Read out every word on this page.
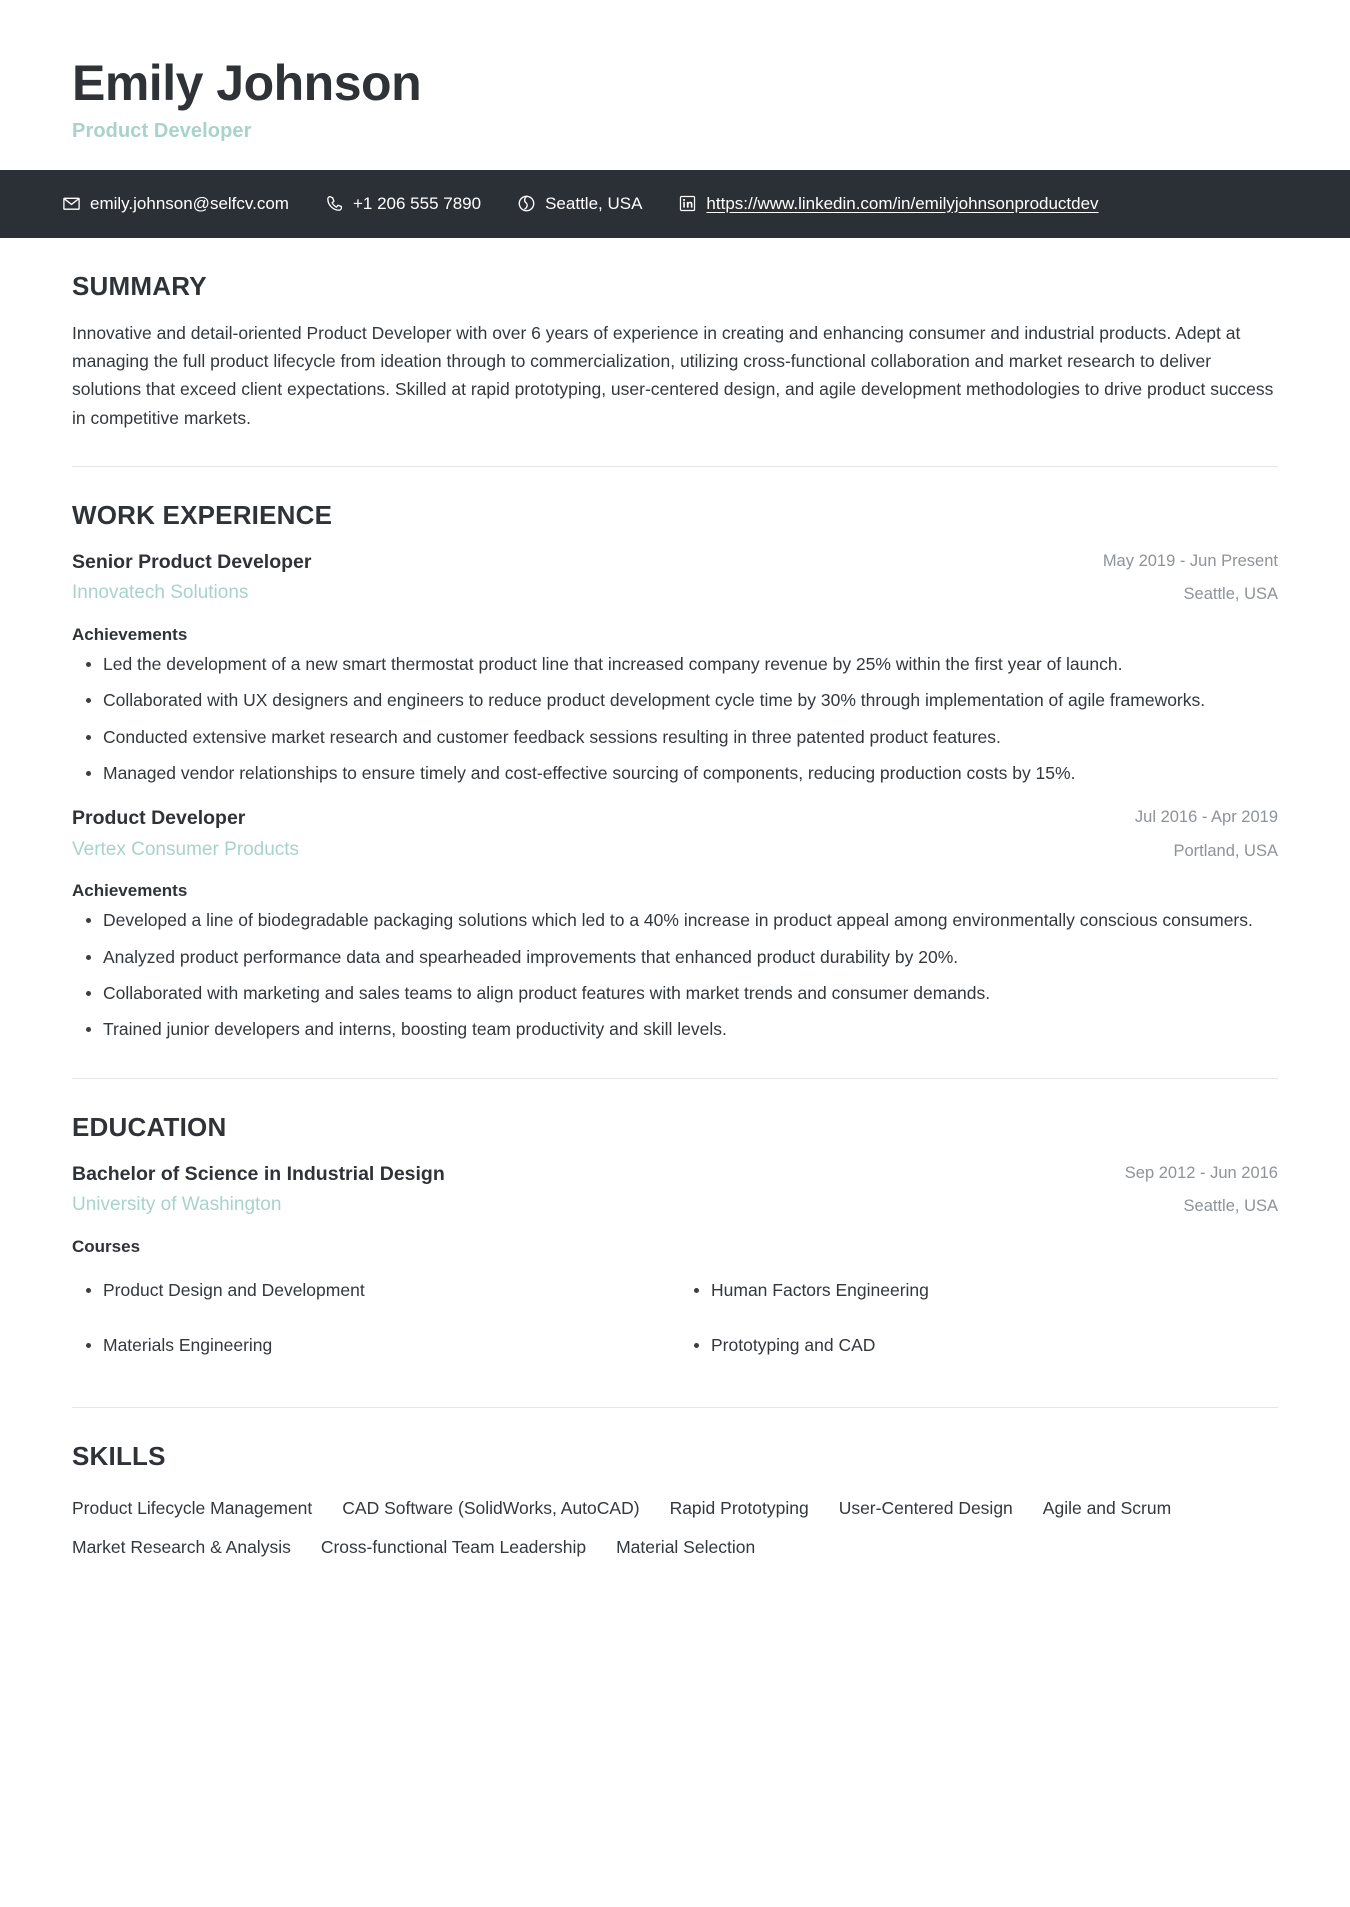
Emily Johnson
Product Developer
emily.johnson@selfcv.com	+1 206 555 7890	Seattle, USA	https://www.linkedin.com/in/emilyjohnsonproductdev
SUMMARY

Innovative and detail-oriented Product Developer with over 6 years of experience in creating and enhancing consumer and industrial products. Adept at managing the full product lifecycle from ideation through to commercialization, utilizing cross-functional collaboration and market research to deliver solutions that exceed client expectations. Skilled at rapid prototyping, user-centered design, and agile development methodologies to drive product success in competitive markets.

WORK EXPERIENCE
Senior Product Developer
Innovatech Solutions
May 2019 - Jun Present
Seattle, USA
Achievements
Led the development of a new smart thermostat product line that increased company revenue by 25% within the first year of launch.
Collaborated with UX designers and engineers to reduce product development cycle time by 30% through implementation of agile frameworks.
Conducted extensive market research and customer feedback sessions resulting in three patented product features.
Managed vendor relationships to ensure timely and cost-effective sourcing of components, reducing production costs by 15%.
Product Developer
Vertex Consumer Products
Jul 2016 - Apr 2019
Portland, USA
Achievements
Developed a line of biodegradable packaging solutions which led to a 40% increase in product appeal among environmentally conscious consumers.
Analyzed product performance data and spearheaded improvements that enhanced product durability by 20%.
Collaborated with marketing and sales teams to align product features with market trends and consumer demands.
Trained junior developers and interns, boosting team productivity and skill levels.
EDUCATION
Bachelor of Science in Industrial Design
University of Washington
Sep 2012 - Jun 2016
Seattle, USA
Courses
Product Design and Development	Human Factors Engineering
Materials Engineering	Prototyping and CAD
SKILLS
Product Lifecycle Management CAD Software (SolidWorks, AutoCAD) Rapid Prototyping User-Centered Design Agile and Scrum
Market Research & Analysis Cross-functional Team Leadership Material Selection
